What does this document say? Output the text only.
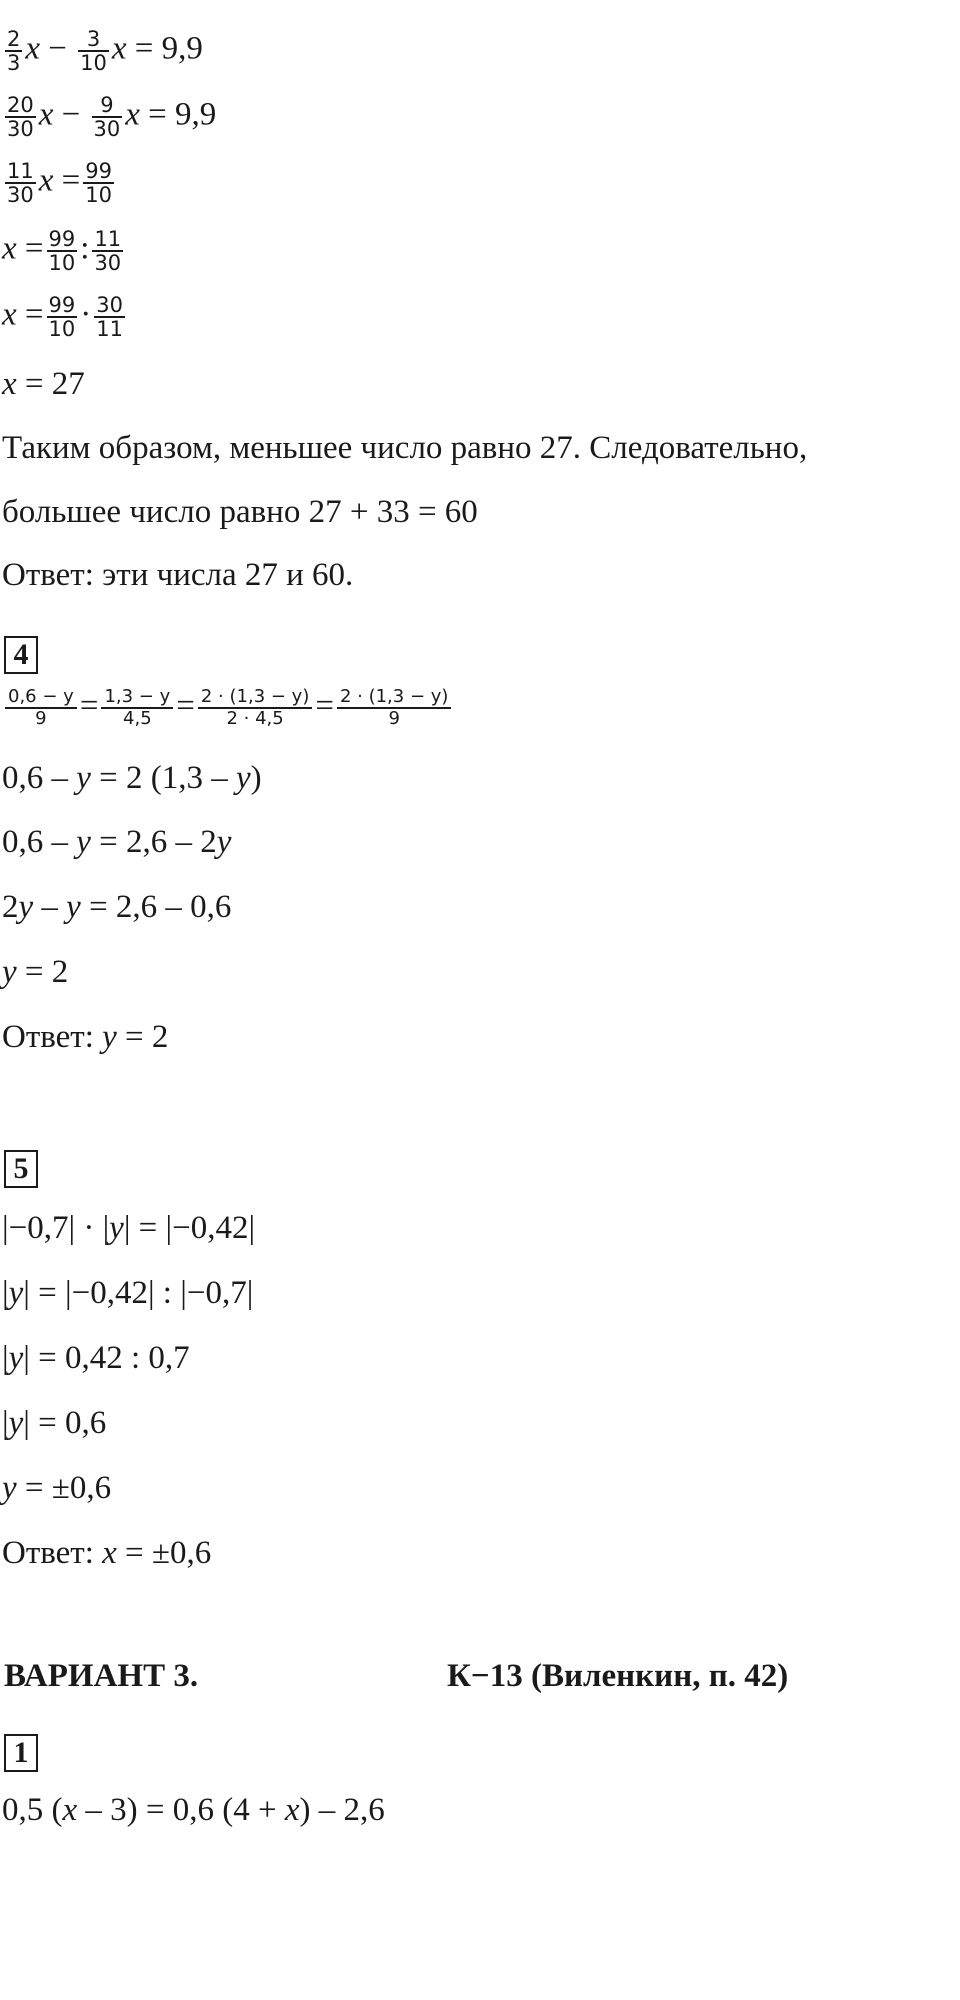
$\frac{2}{3}$ $x - \frac{3}{10}$ x = 9,9
$\frac{20}{30}$ $x - \frac{9}{30}$ x = 9,9
$\frac{11}{30}$ $x = \frac{99}{10}$
$x = \frac{99}{10}$ : $\frac{11}{30}$
$x = \frac{99}{10} \cdot \frac{30}{11}$
x = 27
Таким образом, меньшее число равно 27. Следовательно,
большее число равно 27 + 33 = 60
Ответ: эти числа 27 и 60.
4
$\frac{0,6 - y}{9} = \frac{1,3 - y}{4,5} = \frac{2 \cdot (1,3 - y)}{2 \cdot 4,5} = \frac{2 \cdot (1,3 - y)}{9}$
0,6 – y = 2 (1,3 – y)
0,6 – y = 2,6 – 2y
2y – y = 2,6 – 0,6
y = 2
Ответ: y = 2
5
|−0,7| · |y| = |−0,42|
|y| = |−0,42| : |−0,7|
|y| = 0,42 : 0,7
|y| = 0,6
y = ±0,6
Ответ: x = ±0,6
ВАРИАНТ 3.	К−13 (Виленкин, п. 42)
1
0,5 (x – 3) = 0,6 (4 + x) – 2,6
